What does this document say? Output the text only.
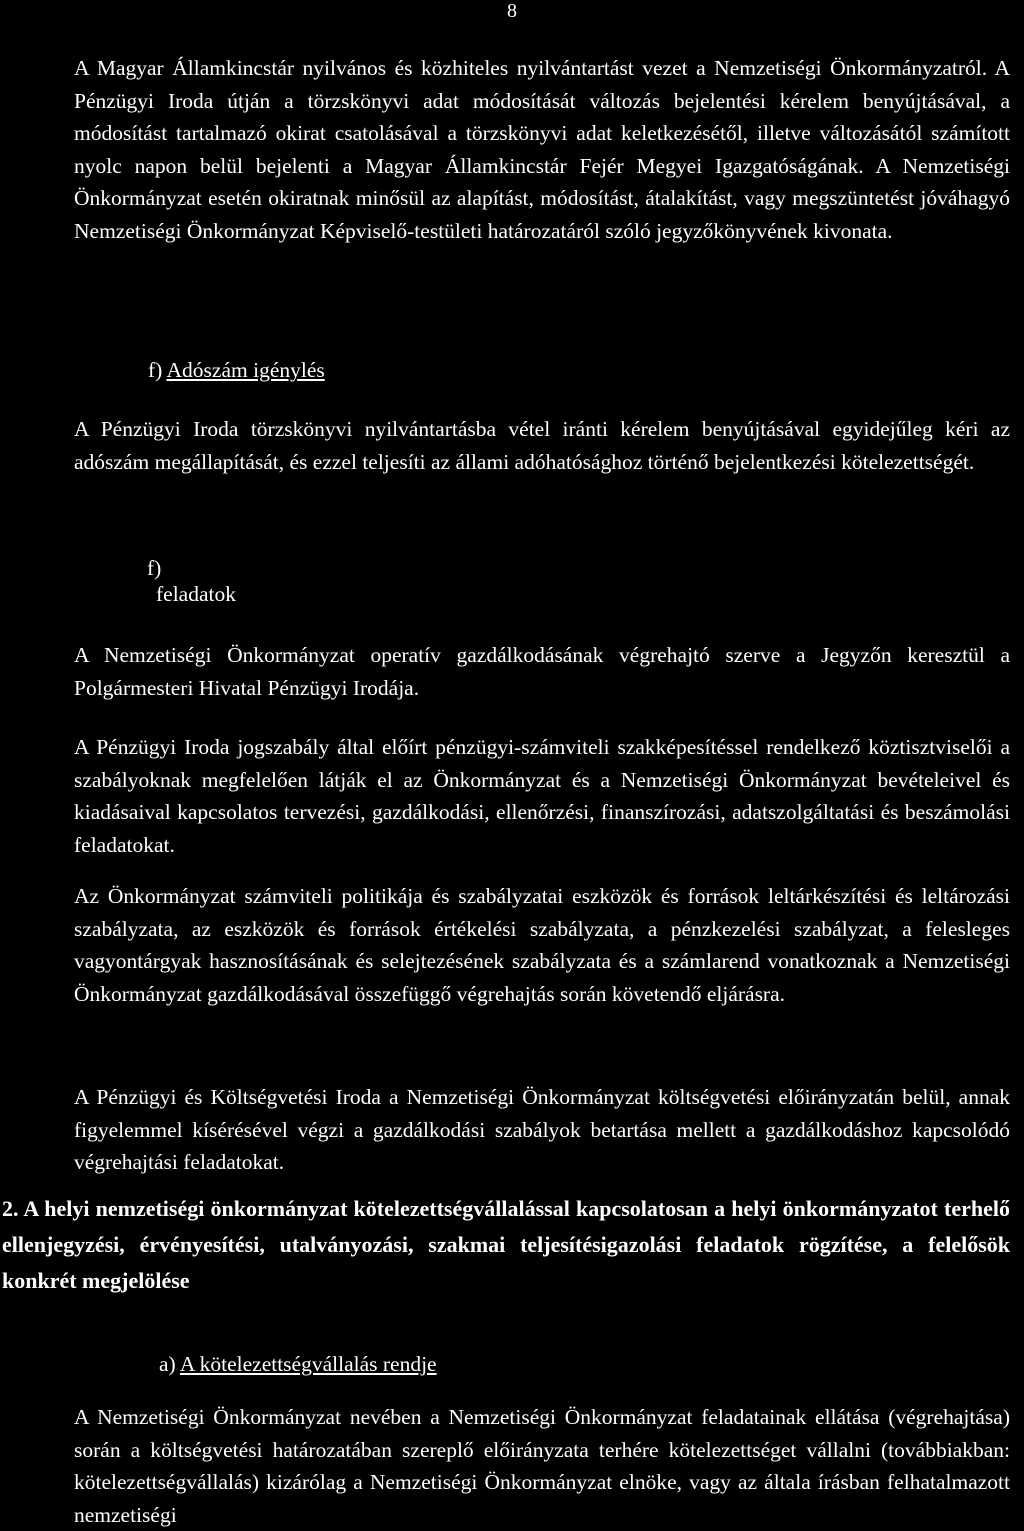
8

A Magyar Államkincstár nyilvános és közhiteles nyilvántartást vezet a Nemzetiségi Önkormányzatról. A Pénzügyi Iroda útján a törzskönyvi adat módosítását változás bejelentési kérelem benyújtásával, a módosítást tartalmazó okirat csatolásával a törzskönyvi adat keletkezésétől, illetve változásától számított nyolc napon belül bejelenti a Magyar Államkincstár Fejér Megyei Igazgatóságának. A Nemzetiségi Önkormányzat esetén okiratnak minősül az alapítást, módosítást, átalakítást, vagy megszüntetést jóváhagyó Nemzetiségi Önkormányzat Képviselő-testületi határozatáról szóló jegyzőkönyvének kivonata.

f) Adószám igénylés

A Pénzügyi Iroda törzskönyvi nyilvántartásba vétel iránti kérelem benyújtásával egyidejűleg kéri az adószám megállapítását, és ezzel teljesíti az állami adóhatósághoz történő bejelentkezési kötelezettségét.

f)
feladatok

A Nemzetiségi Önkormányzat operatív gazdálkodásának végrehajtó szerve a Jegyzőn keresztül a Polgármesteri Hivatal Pénzügyi Irodája.

A Pénzügyi Iroda jogszabály által előírt pénzügyi-számviteli szakképesítéssel rendelkező köztisztviselői a szabályoknak megfelelően látják el az Önkormányzat és a Nemzetiségi Önkormányzat bevételeivel és kiadásaival kapcsolatos tervezési, gazdálkodási, ellenőrzési, finanszírozási, adatszolgáltatási és beszámolási feladatokat.

Az Önkormányzat számviteli politikája és szabályzatai eszközök és források leltárkészítési és leltározási szabályzata, az eszközök és források értékelési szabályzata, a pénzkezelési szabályzat, a felesleges vagyontárgyak hasznosításának és selejtezésének szabályzata és a számlarend vonatkoznak a Nemzetiségi Önkormányzat gazdálkodásával összefüggő végrehajtás során követendő eljárásra.

A Pénzügyi és Költségvetési Iroda a Nemzetiségi Önkormányzat költségvetési előirányzatán belül, annak figyelemmel kísérésével végzi a gazdálkodási szabályok betartása mellett a gazdálkodáshoz kapcsolódó végrehajtási feladatokat.

2. A helyi nemzetiségi önkormányzat kötelezettségvállalással kapcsolatosan a helyi önkormányzatot terhelő ellenjegyzési, érvényesítési, utalványozási, szakmai teljesítésigazolási feladatok rögzítése, a felelősök konkrét megjelölése

a) A kötelezettségvállalás rendje

A Nemzetiségi Önkormányzat nevében a Nemzetiségi Önkormányzat feladatainak ellátása (végrehajtása) során a költségvetési határozatában szereplő előirányzata terhére kötelezettséget vállalni (továbbiakban: kötelezettségvállalás) kizárólag a Nemzetiségi Önkormányzat elnöke, vagy az általa írásban felhatalmazott nemzetiségi
